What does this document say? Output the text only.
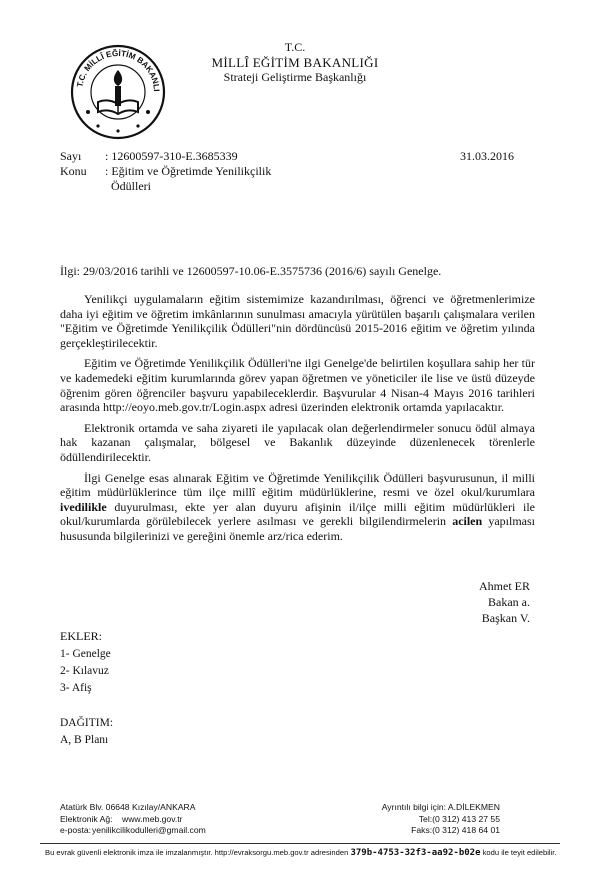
T.C. MİLLÎ EĞİTİM BAKANLI
T.C.
MİLLÎ EĞİTİM BAKANLIĞI
Strateji Geliştirme Başkanlığı
Sayı	: 12600597-310-E.3685339
Konu	: Eğitim ve Öğretimde Yenilikçilik
Ödülleri
31.03.2016
İlgi: 29/03/2016 tarihli ve 12600597-10.06-E.3575736 (2016/6) sayılı Genelge.

Yenilikçi uygulamaların eğitim sistemimize kazandırılması, öğrenci ve öğretmenlerimize daha iyi eğitim ve öğretim imkânlarının sunulması amacıyla yürütülen başarılı çalışmalara verilen "Eğitim ve Öğretimde Yenilikçilik Ödülleri"nin dördüncüsü 2015-2016 eğitim ve öğretim yılında gerçekleştirilecektir.

Eğitim ve Öğretimde Yenilikçilik Ödülleri'ne ilgi Genelge'de belirtilen koşullara sahip her tür ve kademedeki eğitim kurumlarında görev yapan öğretmen ve yöneticiler ile lise ve üstü düzeyde öğrenim gören öğrenciler başvuru yapabileceklerdir. Başvurular 4 Nisan-4 Mayıs 2016 tarihleri arasında http://eoyo.meb.gov.tr/Login.aspx adresi üzerinden elektronik ortamda yapılacaktır.

Elektronik ortamda ve saha ziyareti ile yapılacak olan değerlendirmeler sonucu ödül almaya hak kazanan çalışmalar, bölgesel ve Bakanlık düzeyinde düzenlenecek törenlerle ödüllendirilecektir.

İlgi Genelge esas alınarak Eğitim ve Öğretimde Yenilikçilik Ödülleri başvurusunun, il milli eğitim müdürlüklerince tüm ilçe millî eğitim müdürlüklerine, resmi ve özel okul/kurumlara ivedilikle duyurulması, ekte yer alan duyuru afişinin il/ilçe milli eğitim müdürlükleri ile okul/kurumlarda görülebilecek yerlere asılması ve gerekli bilgilendirmelerin acilen yapılması hususunda bilgilerinizi ve gereğini önemle arz/rica ederim.

Ahmet ER
Bakan a.
Başkan V.
EKLER:
1- Genelge
2- Kılavuz
3- Afiş
DAĞITIM:
A, B Planı
Atatürk Blv. 06648 Kızılay/ANKARA
Elektronik Ağ:	www.meb.gov.tr
e-posta: yenilikcilikodulleri@gmail.com
Ayrıntılı bilgi için: A.DİLEKMEN
Tel:(0 312) 413 27 55
Faks:(0 312) 418 64 01
Bu evrak güvenli elektronik imza ile imzalanmıştır. http://evraksorgu.meb.gov.tr adresinden 379b-4753-32f3-aa92-b02e kodu ile teyit edilebilir.
